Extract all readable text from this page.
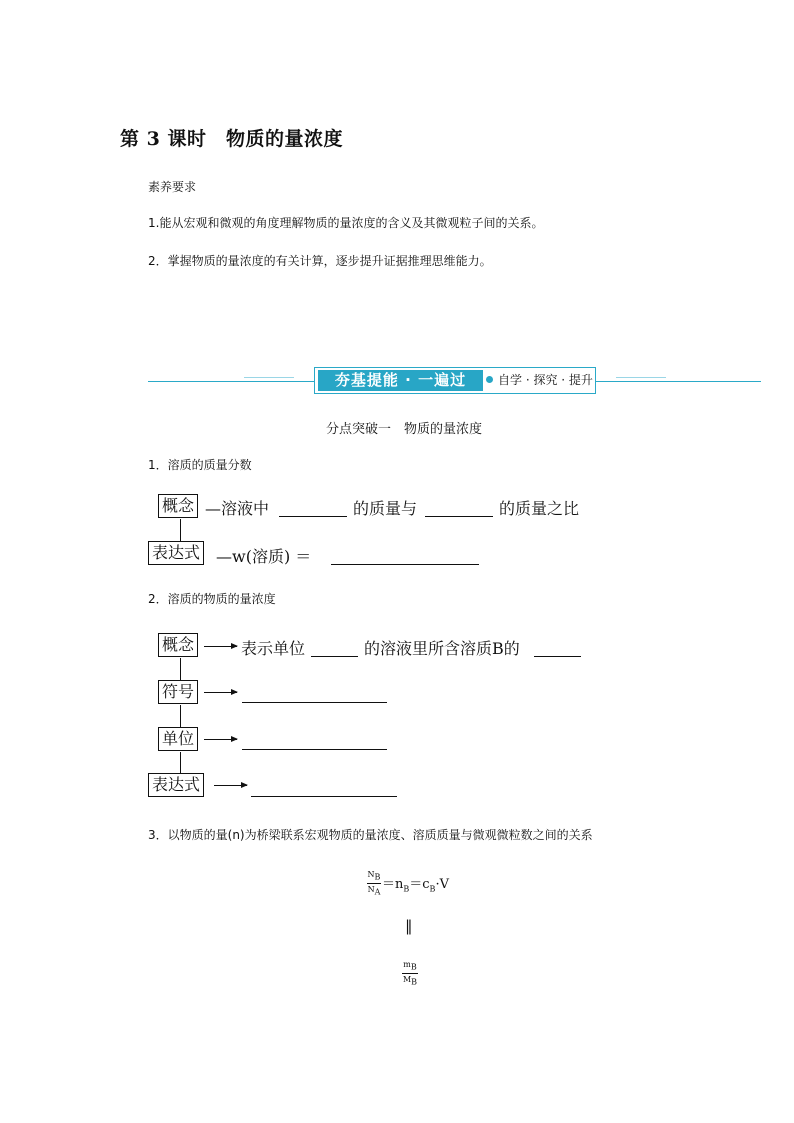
第 3 课时　物质的量浓度
素养要求
1.能从宏观和微观的角度理解物质的量浓度的含义及其微观粒子间的关系。
2．掌握物质的量浓度的有关计算，逐步提升证据推理思维能力。
夯基提能 · 一遍过	自学 · 探究 · 提升
分点突破一　物质的量浓度
1．溶质的质量分数
概念 —溶液中	的质量与	的质量之比
表达式 —w(溶质) ＝
2．溶质的物质的量浓度
概念	表示单位	的溶液里所含溶质B的
符号
单位
表达式
3．以物质的量(n)为桥梁联系宏观物质的量浓度、溶质质量与微观微粒数之间的关系
$N_B$
$N_A =n_B=c_B\cdot V$
‖
$m_B$
$M_B$
